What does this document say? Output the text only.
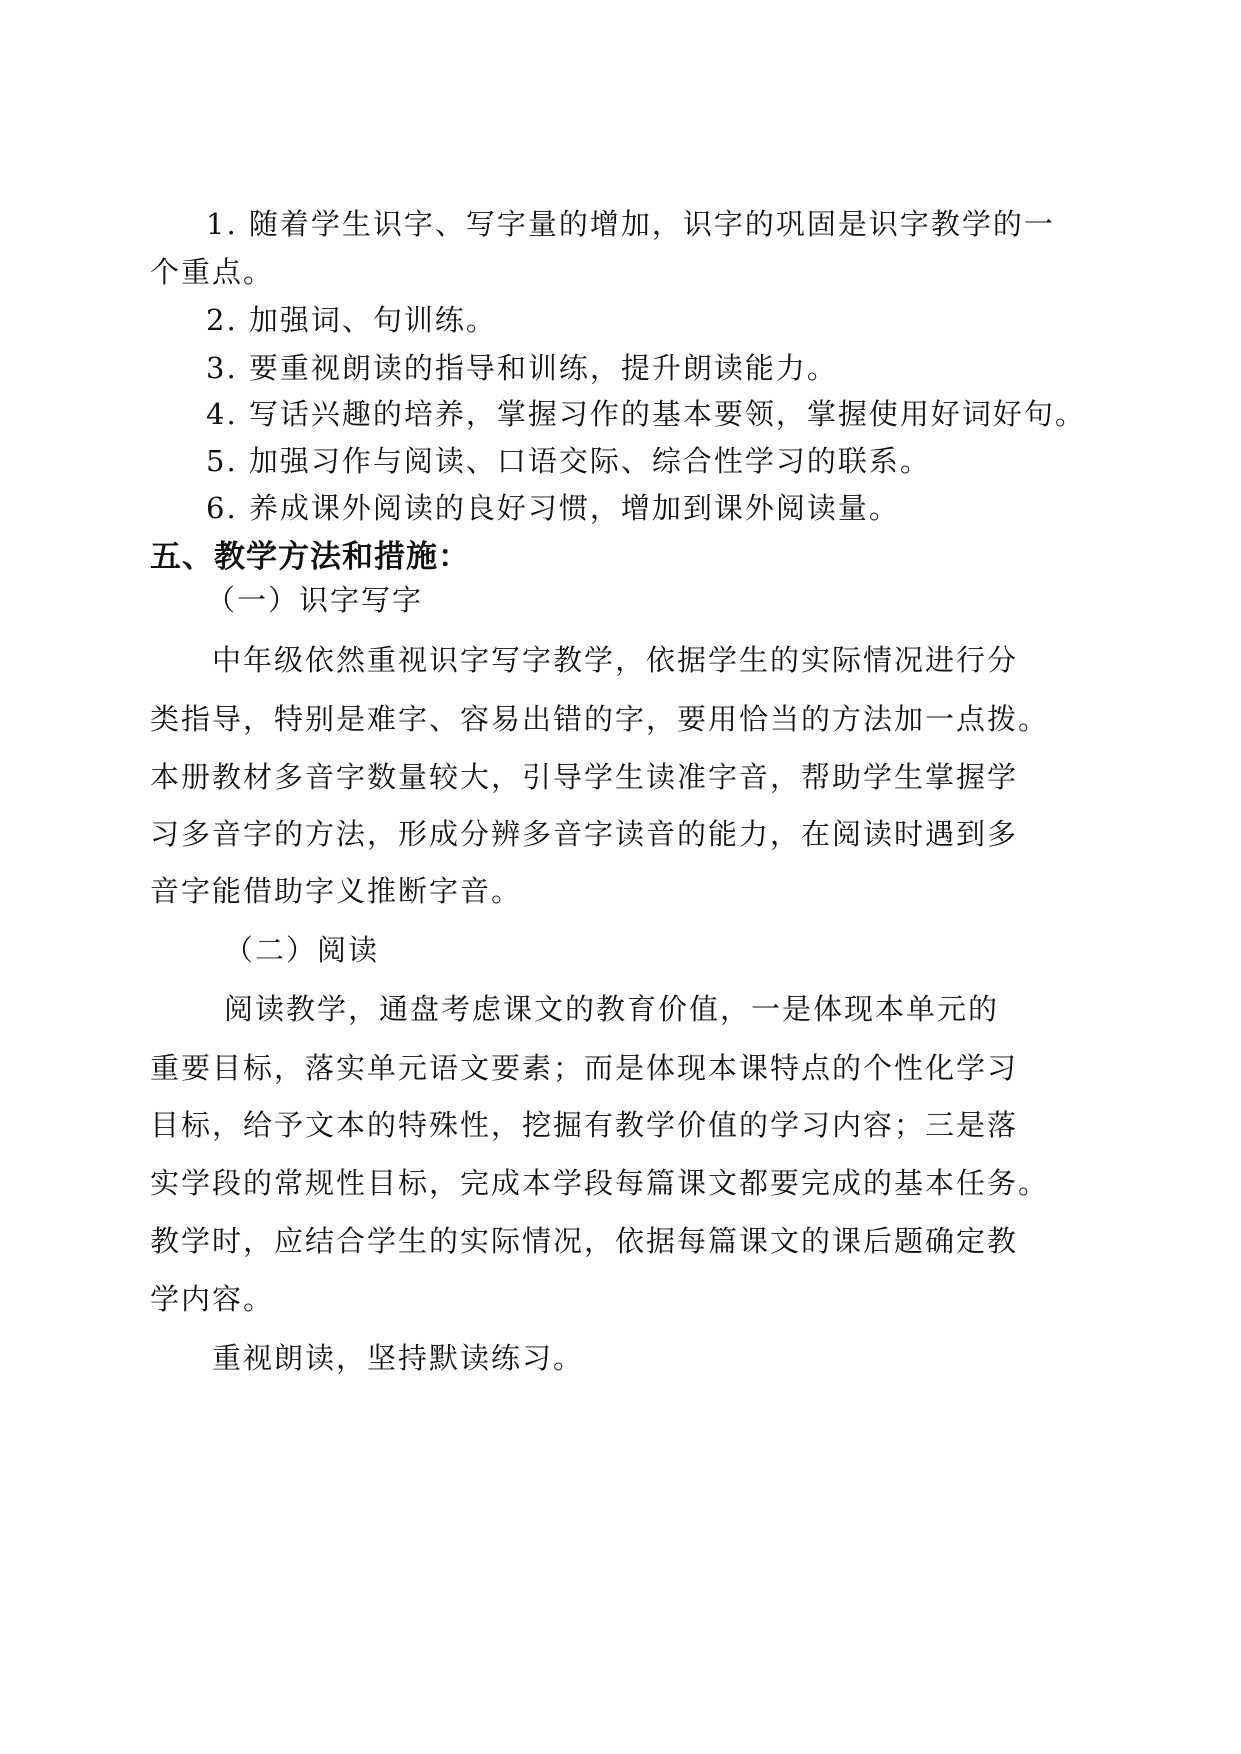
1. 随着学生识字、写字量的增加，识字的巩固是识字教学的一
个重点。
2. 加强词、句训练。
3. 要重视朗读的指导和训练，提升朗读能力。
4. 写话兴趣的培养，掌握习作的基本要领，掌握使用好词好句。
5. 加强习作与阅读、口语交际、综合性学习的联系。
6. 养成课外阅读的良好习惯，增加到课外阅读量。
五、教学方法和措施：
（一）识字写字
中年级依然重视识字写字教学，依据学生的实际情况进行分
类指导，特别是难字、容易出错的字，要用恰当的方法加一点拨。
本册教材多音字数量较大，引导学生读准字音，帮助学生掌握学
习多音字的方法，形成分辨多音字读音的能力，在阅读时遇到多
音字能借助字义推断字音。
（二）阅读
阅读教学，通盘考虑课文的教育价值，一是体现本单元的
重要目标，落实单元语文要素；而是体现本课特点的个性化学习
目标，给予文本的特殊性，挖掘有教学价值的学习内容；三是落
实学段的常规性目标，完成本学段每篇课文都要完成的基本任务。
教学时，应结合学生的实际情况，依据每篇课文的课后题确定教
学内容。
重视朗读，坚持默读练习。
